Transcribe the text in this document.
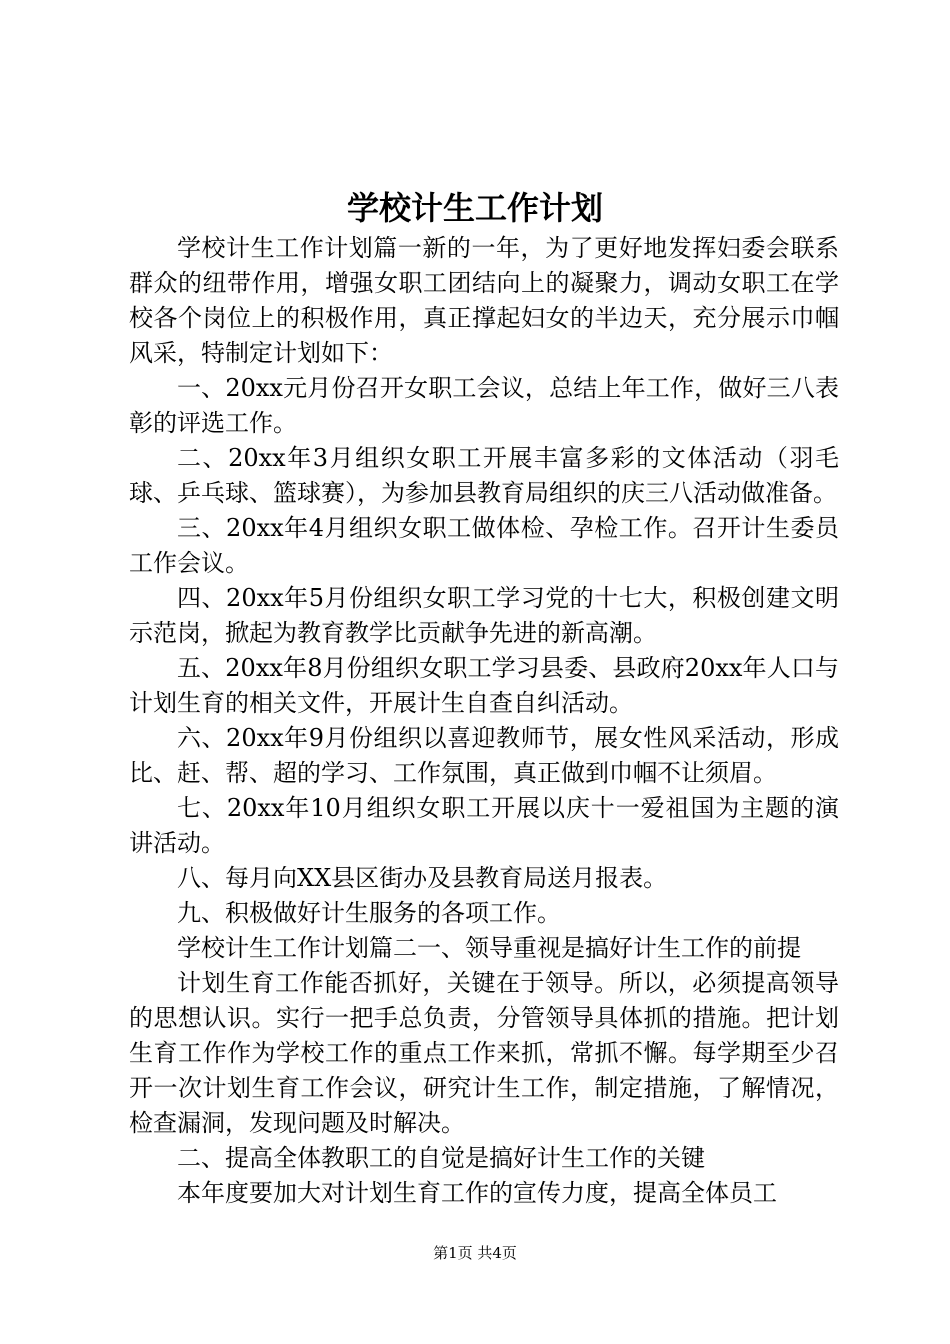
学校计生工作计划

学校计生工作计划篇一新的一年，为了更好地发挥妇委会联系群众的纽带作用，增强女职工团结向上的凝聚力，调动女职工在学校各个岗位上的积极作用，真正撑起妇女的半边天，充分展示巾帼风采，特制定计划如下：

一、20xx元月份召开女职工会议，总结上年工作，做好三八表彰的评选工作。

二、20xx年3月组织女职工开展丰富多彩的文体活动（羽毛球、乒乓球、篮球赛），为参加县教育局组织的庆三八活动做准备。

三、20xx年4月组织女职工做体检、孕检工作。召开计生委员工作会议。

四、20xx年5月份组织女职工学习党的十七大，积极创建文明示范岗，掀起为教育教学比贡献争先进的新高潮。

五、20xx年8月份组织女职工学习县委、县政府20xx年人口与计划生育的相关文件，开展计生自查自纠活动。

六、20xx年9月份组织以喜迎教师节，展女性风采活动，形成比、赶、帮、超的学习、工作氛围，真正做到巾帼不让须眉。

七、20xx年10月组织女职工开展以庆十一爱祖国为主题的演讲活动。

八、每月向XX县区街办及县教育局送月报表。

九、积极做好计生服务的各项工作。

学校计生工作计划篇二一、领导重视是搞好计生工作的前提

计划生育工作能否抓好，关键在于领导。所以，必须提高领导的思想认识。实行一把手总负责，分管领导具体抓的措施。把计划生育工作作为学校工作的重点工作来抓，常抓不懈。每学期至少召开一次计划生育工作会议，研究计生工作，制定措施，了解情况，检查漏洞，发现问题及时解决。

二、提高全体教职工的自觉是搞好计生工作的关键

本年度要加大对计划生育工作的宣传力度，提高全体员工

第1页 共4页
